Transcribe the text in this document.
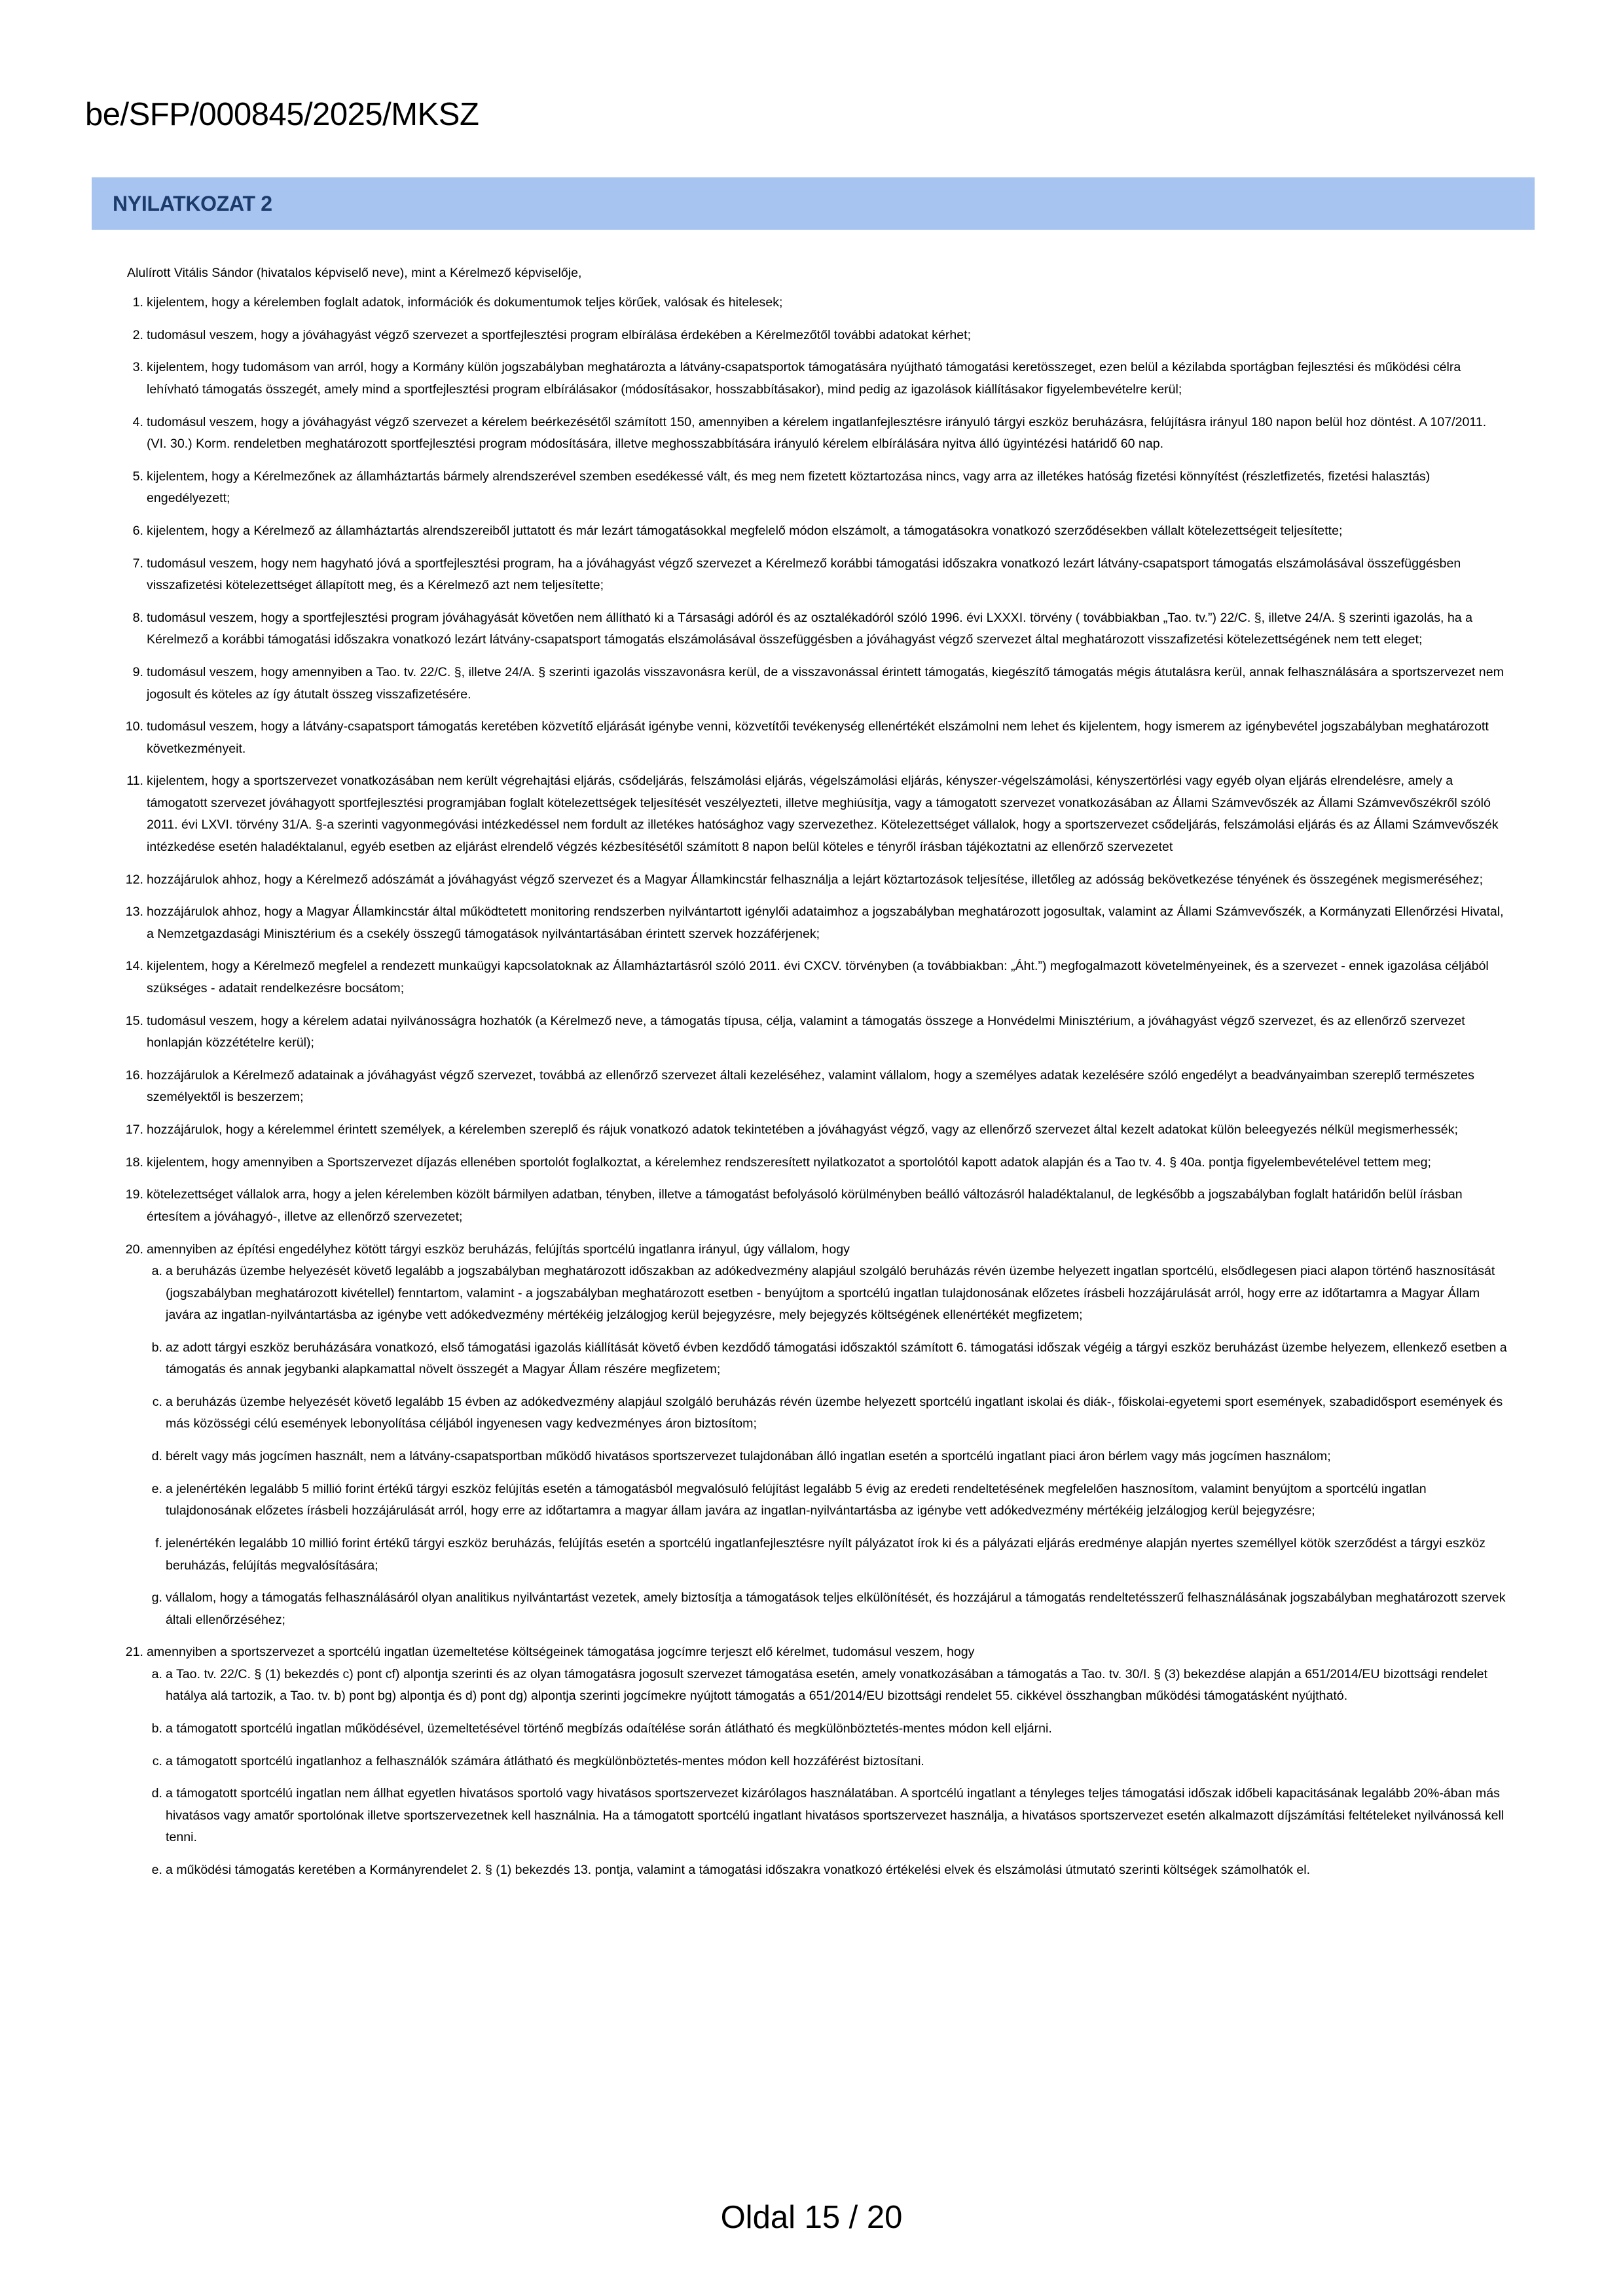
be/SFP/000845/2025/MKSZ
NYILATKOZAT 2
Alulírott Vitális Sándor (hivatalos képviselő neve), mint a Kérelmező képviselője,
1. kijelentem, hogy a kérelemben foglalt adatok, információk és dokumentumok teljes körűek, valósak és hitelesek;
2. tudomásul veszem, hogy a jóváhagyást végző szervezet a sportfejlesztési program elbírálása érdekében a Kérelmezőtől további adatokat kérhet;
3. kijelentem, hogy tudomásom van arról, hogy a Kormány külön jogszabályban meghatározta a látvány-csapatsportok támogatására nyújtható támogatási keretösszeget, ezen belül a kézilabda sportágban fejlesztési és működési célra lehívható támogatás összegét, amely mind a sportfejlesztési program elbírálásakor (módosításakor, hosszabbításakor), mind pedig az igazolások kiállításakor figyelembevételre kerül;
4. tudomásul veszem, hogy a jóváhagyást végző szervezet a kérelem beérkezésétől számított 150, amennyiben a kérelem ingatlanfejlesztésre irányuló tárgyi eszköz beruházásra, felújításra irányul 180 napon belül hoz döntést. A 107/2011. (VI. 30.) Korm. rendeletben meghatározott sportfejlesztési program módosítására, illetve meghosszabbítására irányuló kérelem elbírálására nyitva álló ügyintézési határidő 60 nap.
5. kijelentem, hogy a Kérelmezőnek az államháztartás bármely alrendszerével szemben esedékessé vált, és meg nem fizetett köztartozása nincs, vagy arra az illetékes hatóság fizetési könnyítést (részletfizetés, fizetési halasztás) engedélyezett;
6. kijelentem, hogy a Kérelmező az államháztartás alrendszereiből juttatott és már lezárt támogatásokkal megfelelő módon elszámolt, a támogatásokra vonatkozó szerződésekben vállalt kötelezettségeit teljesítette;
7. tudomásul veszem, hogy nem hagyható jóvá a sportfejlesztési program, ha a jóváhagyást végző szervezet a Kérelmező korábbi támogatási időszakra vonatkozó lezárt látvány-csapatsport támogatás elszámolásával összefüggésben visszafizetési kötelezettséget állapított meg, és a Kérelmező azt nem teljesítette;
8. tudomásul veszem, hogy a sportfejlesztési program jóváhagyását követően nem állítható ki a Társasági adóról és az osztalékadóról szóló 1996. évi LXXXI. törvény ( továbbiakban „Tao. tv.”) 22/C. §, illetve 24/A. § szerinti igazolás, ha a Kérelmező a korábbi támogatási időszakra vonatkozó lezárt látvány-csapatsport támogatás elszámolásával összefüggésben a jóváhagyást végző szervezet által meghatározott visszafizetési kötelezettségének nem tett eleget;
9. tudomásul veszem, hogy amennyiben a Tao. tv. 22/C. §, illetve 24/A. § szerinti igazolás visszavonásra kerül, de a visszavonással érintett támogatás, kiegészítő támogatás mégis átutalásra kerül, annak felhasználására a sportszervezet nem jogosult és köteles az így átutalt összeg visszafizetésére.
10. tudomásul veszem, hogy a látvány-csapatsport támogatás keretében közvetítő eljárását igénybe venni, közvetítői tevékenység ellenértékét elszámolni nem lehet és kijelentem, hogy ismerem az igénybevétel jogszabályban meghatározott következményeit.
11. kijelentem, hogy a sportszervezet vonatkozásában nem került végrehajtási eljárás, csődeljárás, felszámolási eljárás, végelszámolási eljárás, kényszer-végelszámolási, kényszertörlési vagy egyéb olyan eljárás elrendelésre, amely a támogatott szervezet jóváhagyott sportfejlesztési programjában foglalt kötelezettségek teljesítését veszélyezteti, illetve meghiúsítja, vagy a támogatott szervezet vonatkozásában az Állami Számvevőszék az Állami Számvevőszékről szóló 2011. évi LXVI. törvény 31/A. §-a szerinti vagyonmegóvási intézkedéssel nem fordult az illetékes hatósághoz vagy szervezethez. Kötelezettséget vállalok, hogy a sportszervezet csődeljárás, felszámolási eljárás és az Állami Számvevőszék intézkedése esetén haladéktalanul, egyéb esetben az eljárást elrendelő végzés kézbesítésétől számított 8 napon belül köteles e tényről írásban tájékoztatni az ellenőrző szervezetet
12. hozzájárulok ahhoz, hogy a Kérelmező adószámát a jóváhagyást végző szervezet és a Magyar Államkincstár felhasználja a lejárt köztartozások teljesítése, illetőleg az adósság bekövetkezése tényének és összegének megismeréséhez;
13. hozzájárulok ahhoz, hogy a Magyar Államkincstár által működtetett monitoring rendszerben nyilvántartott igénylői adataimhoz a jogszabályban meghatározott jogosultak, valamint az Állami Számvevőszék, a Kormányzati Ellenőrzési Hivatal, a Nemzetgazdasági Minisztérium és a csekély összegű támogatások nyilvántartásában érintett szervek hozzáférjenek;
14. kijelentem, hogy a Kérelmező megfelel a rendezett munkaügyi kapcsolatoknak az Államháztartásról szóló 2011. évi CXCV. törvényben (a továbbiakban: „Áht.”) megfogalmazott követelményeinek, és a szervezet - ennek igazolása céljából szükséges - adatait rendelkezésre bocsátom;
15. tudomásul veszem, hogy a kérelem adatai nyilvánosságra hozhatók (a Kérelmező neve, a támogatás típusa, célja, valamint a támogatás összege a Honvédelmi Minisztérium, a jóváhagyást végző szervezet, és az ellenőrző szervezet honlapján közzétételre kerül);
16. hozzájárulok a Kérelmező adatainak a jóváhagyást végző szervezet, továbbá az ellenőrző szervezet általi kezeléséhez, valamint vállalom, hogy a személyes adatak kezelésére szóló engedélyt a beadványaimban szereplő természetes személyektől is beszerzem;
17. hozzájárulok, hogy a kérelemmel érintett személyek, a kérelemben szereplő és rájuk vonatkozó adatok tekintetében a jóváhagyást végző, vagy az ellenőrző szervezet által kezelt adatokat külön beleegyezés nélkül megismerhessék;
18. kijelentem, hogy amennyiben a Sportszervezet díjazás ellenében sportolót foglalkoztat, a kérelemhez rendszeresített nyilatkozatot a sportolótól kapott adatok alapján és a Tao tv. 4. § 40a. pontja figyelembevételével tettem meg;
19. kötelezettséget vállalok arra, hogy a jelen kérelemben közölt bármilyen adatban, tényben, illetve a támogatást befolyásoló körülményben beálló változásról haladéktalanul, de legkésőbb a jogszabályban foglalt határidőn belül írásban értesítem a jóváhagyó-, illetve az ellenőrző szervezetet;
20. amennyiben az építési engedélyhez kötött tárgyi eszköz beruházás, felújítás sportcélú ingatlanra irányul, úgy vállalom, hogy
a. a beruházás üzembe helyezését követő legalább a jogszabályban meghatározott időszakban az adókedvezmény alapjául szolgáló beruházás révén üzembe helyezett ingatlan sportcélú, elsődlegesen piaci alapon történő hasznosítását (jogszabályban meghatározott kivétellel) fenntartom, valamint - a jogszabályban meghatározott esetben - benyújtom a sportcélú ingatlan tulajdonosának előzetes írásbeli hozzájárulását arról, hogy erre az időtartamra a Magyar Állam javára az ingatlan-nyilvántartásba az igénybe vett adókedvezmény mértékéig jelzálogjog kerül bejegyzésre, mely bejegyzés költségének ellenértékét megfizetem;
b. az adott tárgyi eszköz beruházására vonatkozó, első támogatási igazolás kiállítását követő évben kezdődő támogatási időszaktól számított 6. támogatási időszak végéig a tárgyi eszköz beruházást üzembe helyezem, ellenkező esetben a támogatás és annak jegybanki alapkamattal növelt összegét a Magyar Állam részére megfizetem;
c. a beruházás üzembe helyezését követő legalább 15 évben az adókedvezmény alapjául szolgáló beruházás révén üzembe helyezett sportcélú ingatlant iskolai és diák-, főiskolai-egyetemi sport események, szabadidősport események és más közösségi célú események lebonyolítása céljából ingyenesen vagy kedvezményes áron biztosítom;
d. bérelt vagy más jogcímen használt, nem a látvány-csapatsportban működő hivatásos sportszervezet tulajdonában álló ingatlan esetén a sportcélú ingatlant piaci áron bérlem vagy más jogcímen használom;
e. a jelenértékén legalább 5 millió forint értékű tárgyi eszköz felújítás esetén a támogatásból megvalósuló felújítást legalább 5 évig az eredeti rendeltetésének megfelelően hasznosítom, valamint benyújtom a sportcélú ingatlan tulajdonosának előzetes írásbeli hozzájárulását arról, hogy erre az időtartamra a magyar állam javára az ingatlan-nyilvántartásba az igénybe vett adókedvezmény mértékéig jelzálogjog kerül bejegyzésre;
f. jelenértékén legalább 10 millió forint értékű tárgyi eszköz beruházás, felújítás esetén a sportcélú ingatlanfejlesztésre nyílt pályázatot írok ki és a pályázati eljárás eredménye alapján nyertes személlyel kötök szerződést a tárgyi eszköz beruházás, felújítás megvalósítására;
g. vállalom, hogy a támogatás felhasználásáról olyan analitikus nyilvántartást vezetek, amely biztosítja a támogatások teljes elkülönítését, és hozzájárul a támogatás rendeltetésszerű felhasználásának jogszabályban meghatározott szervek általi ellenőrzéséhez;
21. amennyiben a sportszervezet a sportcélú ingatlan üzemeltetése költségeinek támogatása jogcímre terjeszt elő kérelmet, tudomásul veszem, hogy
a. a Tao. tv. 22/C. § (1) bekezdés c) pont cf) alpontja szerinti és az olyan támogatásra jogosult szervezet támogatása esetén, amely vonatkozásában a támogatás a Tao. tv. 30/I. § (3) bekezdése alapján a 651/2014/EU bizottsági rendelet hatálya alá tartozik, a Tao. tv. b) pont bg) alpontja és d) pont dg) alpontja szerinti jogcímekre nyújtott támogatás a 651/2014/EU bizottsági rendelet 55. cikkével összhangban működési támogatásként nyújtható.
b. a támogatott sportcélú ingatlan működésével, üzemeltetésével történő megbízás odaítélése során átlátható és megkülönböztetés-mentes módon kell eljárni.
c. a támogatott sportcélú ingatlanhoz a felhasználók számára átlátható és megkülönböztetés-mentes módon kell hozzáférést biztosítani.
d. a támogatott sportcélú ingatlan nem állhat egyetlen hivatásos sportoló vagy hivatásos sportszervezet kizárólagos használatában. A sportcélú ingatlant a tényleges teljes támogatási időszak időbeli kapacitásának legalább 20%-ában más hivatásos vagy amatőr sportolónak illetve sportszervezetnek kell használnia. Ha a támogatott sportcélú ingatlant hivatásos sportszervezet használja, a hivatásos sportszervezet esetén alkalmazott díjszámítási feltételeket nyilvánossá kell tenni.
e. a működési támogatás keretében a Kormányrendelet 2. § (1) bekezdés 13. pontja, valamint a támogatási időszakra vonatkozó értékelési elvek és elszámolási útmutató szerinti költségek számolhatók el.
Oldal 15 / 20
